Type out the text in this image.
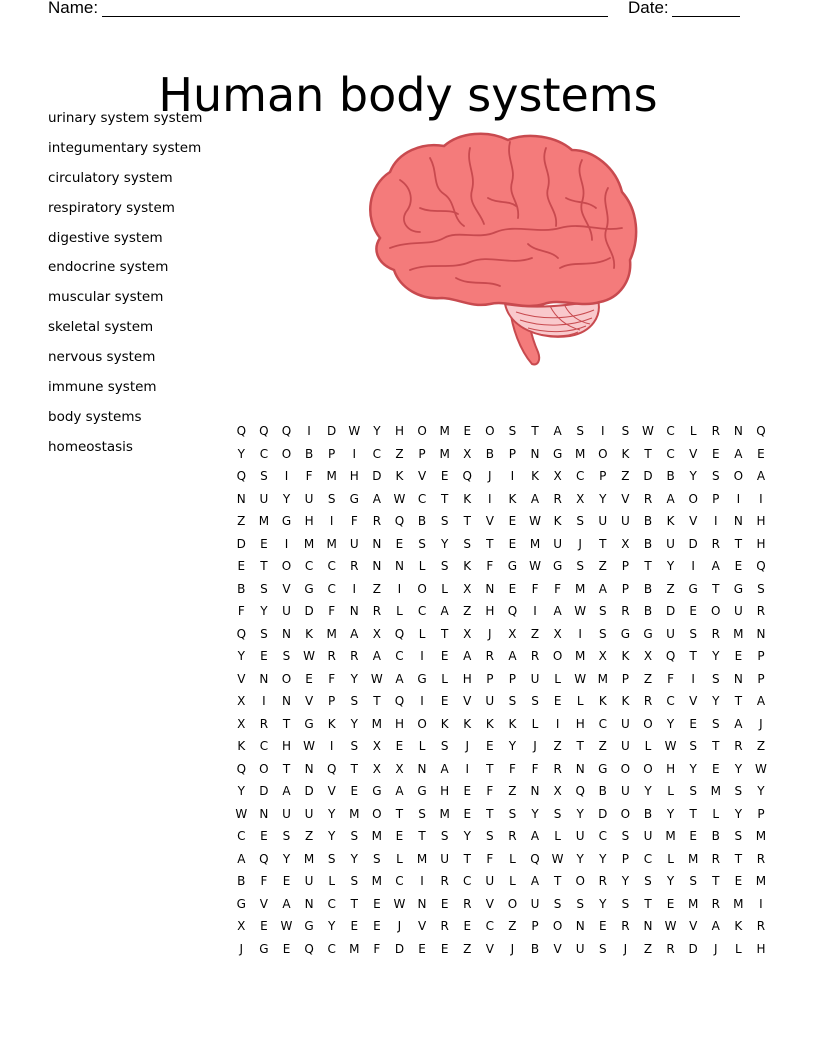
Name:	Date:
Human body systems
urinary system system
integumentary system
circulatory system
respiratory system
digestive system
endocrine system
muscular system
skeletal system
nervous system
immune system
body systems
homeostasis
Q	Q	Q	I	D	W	Y	H	O	M	E	O	S	T	A	S	I	S	W	C	L	R	N	Q
Y	C	O	B	P	I	C	Z	P	M	X	B	P	N	G	M	O	K	T	C	V	E	A	E
Q	S	I	F	M	H	D	K	V	E	Q	J	I	K	X	C	P	Z	D	B	Y	S	O	A
N	U	Y	U	S	G	A	W	C	T	K	I	K	A	R	X	Y	V	R	A	O	P	I	I
Z	M	G	H	I	F	R	Q	B	S	T	V	E	W	K	S	U	U	B	K	V	I	N	H
D	E	I	M	M	U	N	E	S	Y	S	T	E	M	U	J	T	X	B	U	D	R	T	H
E	T	O	C	C	R	N	N	L	S	K	F	G	W	G	S	Z	P	T	Y	I	A	E	Q
B	S	V	G	C	I	Z	I	O	L	X	N	E	F	F	M	A	P	B	Z	G	T	G	S
F	Y	U	D	F	N	R	L	C	A	Z	H	Q	I	A	W	S	R	B	D	E	O	U	R
Q	S	N	K	M	A	X	Q	L	T	X	J	X	Z	X	I	S	G	G	U	S	R	M	N
Y	E	S	W	R	R	A	C	I	E	A	R	A	R	O	M	X	K	X	Q	T	Y	E	P
V	N	O	E	F	Y	W	A	G	L	H	P	P	U	L	W M	P	Z	F	I	S	N	P
X	I	N	V	P	S	T	Q	I	E	V	U	S	S	E	L	K	K	R	C	V	Y	T	A
X	R	T	G	K	Y	M	H	O	K	K	K	K	L	I	H	C	U	O	Y	E	S	A	J
K	C	H	W	I	S	X	E	L	S	J	E	Y	J	Z	T	Z	U	L	W	S	T	R	Z
Q	O	T	N	Q	T	X	X	N	A	I	T	F	F	R	N	G	O	O	H	Y	E	Y	W
Y	D	A	D	V	E	G	A	G	H	E	F	Z	N	X	Q	B	U	Y	L	S	M	S	Y
W	N	U	U	Y	M	O	T	S	M	E	T	S	Y	S	Y	D	O	B	Y	T	L	Y	P
C	E	S	Z	Y	S	M	E	T	S	Y	S	R	A	L	U	C	S	U	M	E	B	S	M
A	Q	Y	M	S	Y	S	L	M	U	T	F	L	Q W	Y	Y	P	C	L	M	R	T	R
B	F	E	U	L	S	M	C	I	R	C	U	L	A	T	O	R	Y	S	Y	S	T	E	M
G	V	A	N	C	T	E	W	N	E	R	V	O	U	S	S	Y	S	T	E	M	R	M	I
X	E	W	G	Y	E	E	J	V	R	E	C	Z	P	O	N	E	R	N	W	V	A	K	R
J	G	E	Q	C	M	F	D	E	E	Z	V	J	B	V	U	S	J	Z	R	D	J	L	H
